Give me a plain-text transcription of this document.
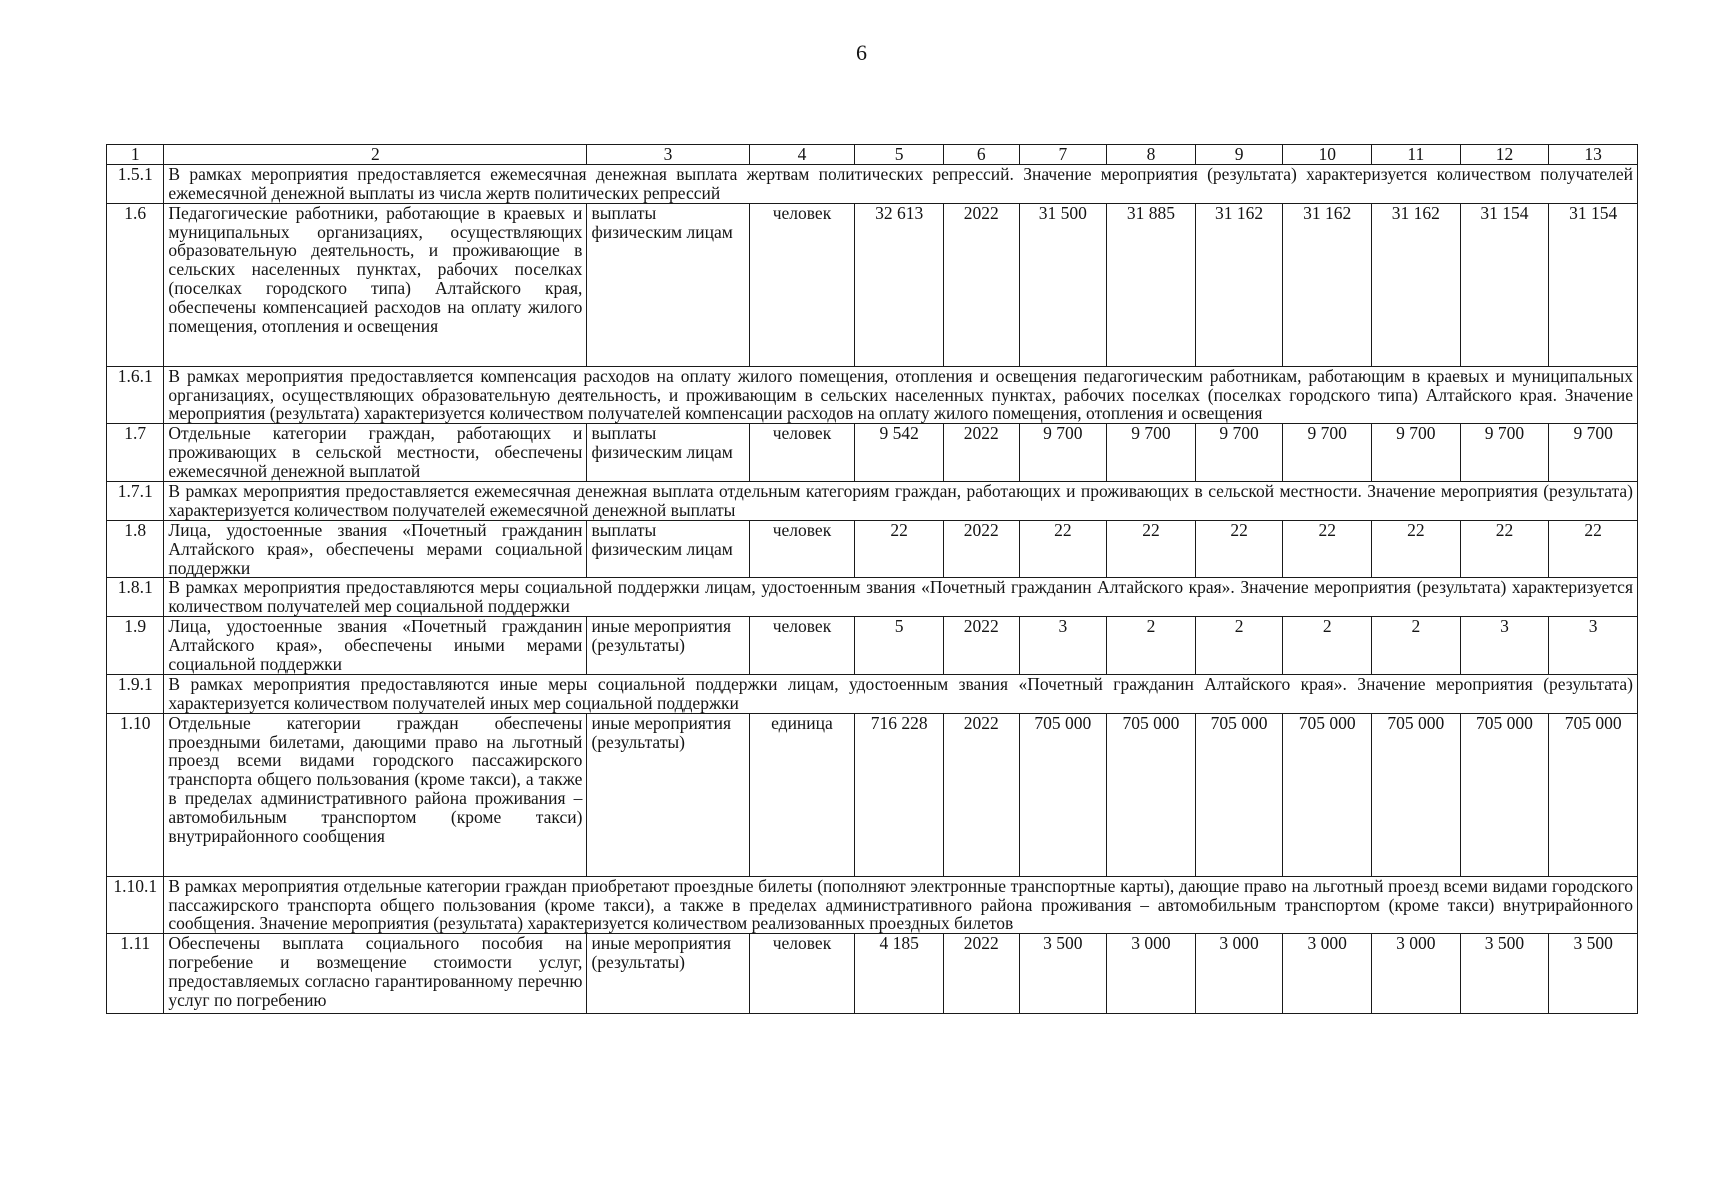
6
1	2	3	4	5	6	7	8	9	10	11	12	13
1.5.1	В рамках мероприятия предоставляется ежемесячная денежная выплата жертвам политических репрессий. Значение мероприятия (результата) характеризуется количеством получателей ежемесячной денежной выплаты из числа жертв политических репрессий											
1.6	Педагогические работники, работающие в краевых и муниципальных организациях, осуществляющих образовательную деятельность, и проживающие в сельских населенных пунктах, рабочих поселках (поселках городского типа) Алтайского края, обеспечены компенсацией расходов на оплату жилого помещения, отопления и освещения	выплаты физическим лицам	человек	32 613	2022	31 500	31 885	31 162	31 162	31 162	31 154	31 154
1.6.1	В рамках мероприятия предоставляется компенсация расходов на оплату жилого помещения, отопления и освещения педагогическим работникам, работающим в краевых и муниципальных организациях, осуществляющих образовательную деятельность, и проживающим в сельских населенных пунктах, рабочих поселках (поселках городского типа) Алтайского края. Значение мероприятия (результата) характеризуется количеством получателей компенсации расходов на оплату жилого помещения, отопления и освещения											
1.7	Отдельные категории граждан, работающих и проживающих в сельской местности, обеспечены ежемесячной денежной выплатой	выплаты физическим лицам	человек	9 542	2022	9 700	9 700	9 700	9 700	9 700	9 700	9 700
1.7.1	В рамках мероприятия предоставляется ежемесячная денежная выплата отдельным категориям граждан, работающих и проживающих в сельской местности. Значение мероприятия (результата) характеризуется количеством получателей ежемесячной денежной выплаты											
1.8	Лица, удостоенные звания «Почетный гражданин Алтайского края», обеспечены мерами социальной поддержки	выплаты физическим лицам	человек	22	2022	22	22	22	22	22	22	22
1.8.1	В рамках мероприятия предоставляются меры социальной поддержки лицам, удостоенным звания «Почетный гражданин Алтайского края». Значение мероприятия (результата) характеризуется количеством получателей мер социальной поддержки											
1.9	Лица, удостоенные звания «Почетный гражданин Алтайского края», обеспечены иными мерами социальной поддержки	иные мероприятия (результаты)	человек	5	2022	3	2	2	2	2	3	3
1.9.1	В рамках мероприятия предоставляются иные меры социальной поддержки лицам, удостоенным звания «Почетный гражданин Алтайского края». Значение мероприятия (результата) характеризуется количеством получателей иных мер социальной поддержки											
1.10	Отдельные категории граждан обеспечены проездными билетами, дающими право на льготный проезд всеми видами городского пассажирского транспорта общего пользования (кроме такси), а также в пределах административного района проживания – автомобильным транспортом (кроме такси) внутрирайонного сообщения	иные мероприятия (результаты)	единица	716 228	2022	705 000	705 000	705 000	705 000	705 000	705 000	705 000
1.10.1	В рамках мероприятия отдельные категории граждан приобретают проездные билеты (пополняют электронные транспортные карты), дающие право на льготный проезд всеми видами городского пассажирского транспорта общего пользования (кроме такси), а также в пределах административного района проживания – автомобильным транспортом (кроме такси) внутрирайонного сообщения. Значение мероприятия (результата) характеризуется количеством реализованных проездных билетов											
1.11	Обеспечены выплата социального пособия на погребение и возмещение стоимости услуг, предоставляемых согласно гарантированному перечню услуг по погребению	иные мероприятия (результаты)	человек	4 185	2022	3 500	3 000	3 000	3 000	3 000	3 500	3 500
